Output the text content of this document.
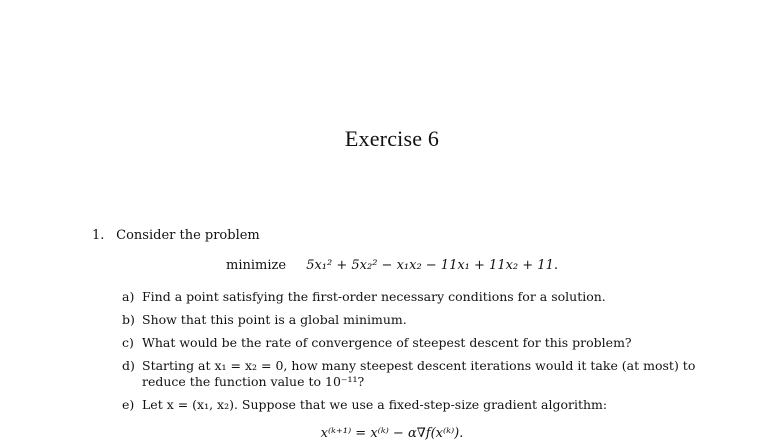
Exercise 6
1. Consider the problem
minimize 5x₁² + 5x₂² − x₁x₂ − 11x₁ + 11x₂ + 11.
a) Find a point satisfying the first-order necessary conditions for a solution.
b) Show that this point is a global minimum.
c) What would be the rate of convergence of steepest descent for this problem?
d) Starting at x₁ = x₂ = 0, how many steepest descent iterations would it take (at most) to reduce the function value to 10⁻¹¹?
e) Let x = (x₁, x₂). Suppose that we use a fixed-step-size gradient algorithm:
x⁽ᵏ⁺¹⁾ = x⁽ᵏ⁾ − α∇f(x⁽ᵏ⁾).
